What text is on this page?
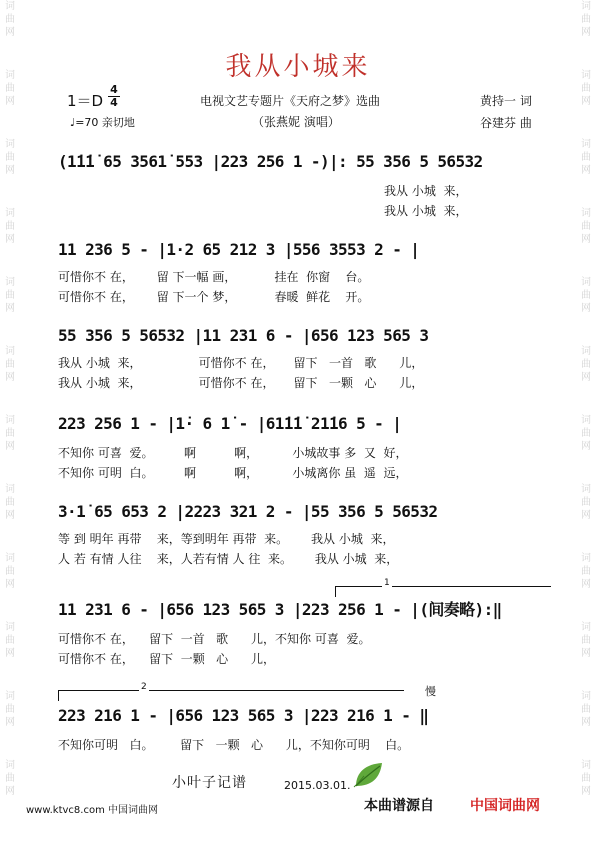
词曲网
词曲网
词曲网
词曲网
词曲网
词曲网
词曲网
词曲网
词曲网
词曲网
词曲网
词曲网
词曲网
词曲网
词曲网
词曲网
词曲网
词曲网
词曲网
词曲网
词曲网
词曲网
词曲网
词曲网
我从小城来
1＝D
4
4
♩=70 亲切地
电视文艺专题片《天府之梦》选曲
（张燕妮 演唱）
黄持一 词
谷建芬 曲
(1̇1̇1̇ 65 3561̇ 553 |223 256 1 -)|: 55 356 5 56532
我从 小城  来，
我从 小城  来，
11 236 5 - |1·2 65 212 3 |556 3553 2 - |
可惜你不 在，      留 下一幅 画，          挂在  你窗    台。
可惜你不 在，      留 下一个 梦，          春暖  鲜花    开。
55 356 5 56532 |11 231 6 - |656 123 565 3
我从 小城  来，               可惜你不 在，     留下   一首   歌      儿，
我从 小城  来，               可惜你不 在，     留下   一颗   心      儿，
223 256 1 - |1̇· 6 1̇ - |61̇1̇1̇ 21̇16 5 - |
不知你 可喜  爱。        啊          啊，         小城故事 多  又  好，
不知你 可明  白。        啊          啊，         小城离你 虽  遥  远，
3·1̇ 65 653 2 |2223 321 2 - |55 356 5 56532
等 到 明年 再带    来，等到明年 再带  来。      我从 小城  来，
人 若 有情 人往    来，人若有情 人 往  来。      我从 小城  来，
1
11 231 6 - |656 123 565 3 |223 256 1 - |(间奏略):‖
可惜你不 在，    留下  一首   歌      儿，不知你 可喜  爱。
可惜你不 在，    留下  一颗   心      儿，
2	慢
223 216 1 - |656 123 565 3 |223 216 1 - ‖
不知你可明   白。       留下   一颗   心      儿，不知你可明    白。
小叶子记谱	2015.03.01.
www.ktvc8.com 中国词曲网	本曲谱源自	中国词曲网
